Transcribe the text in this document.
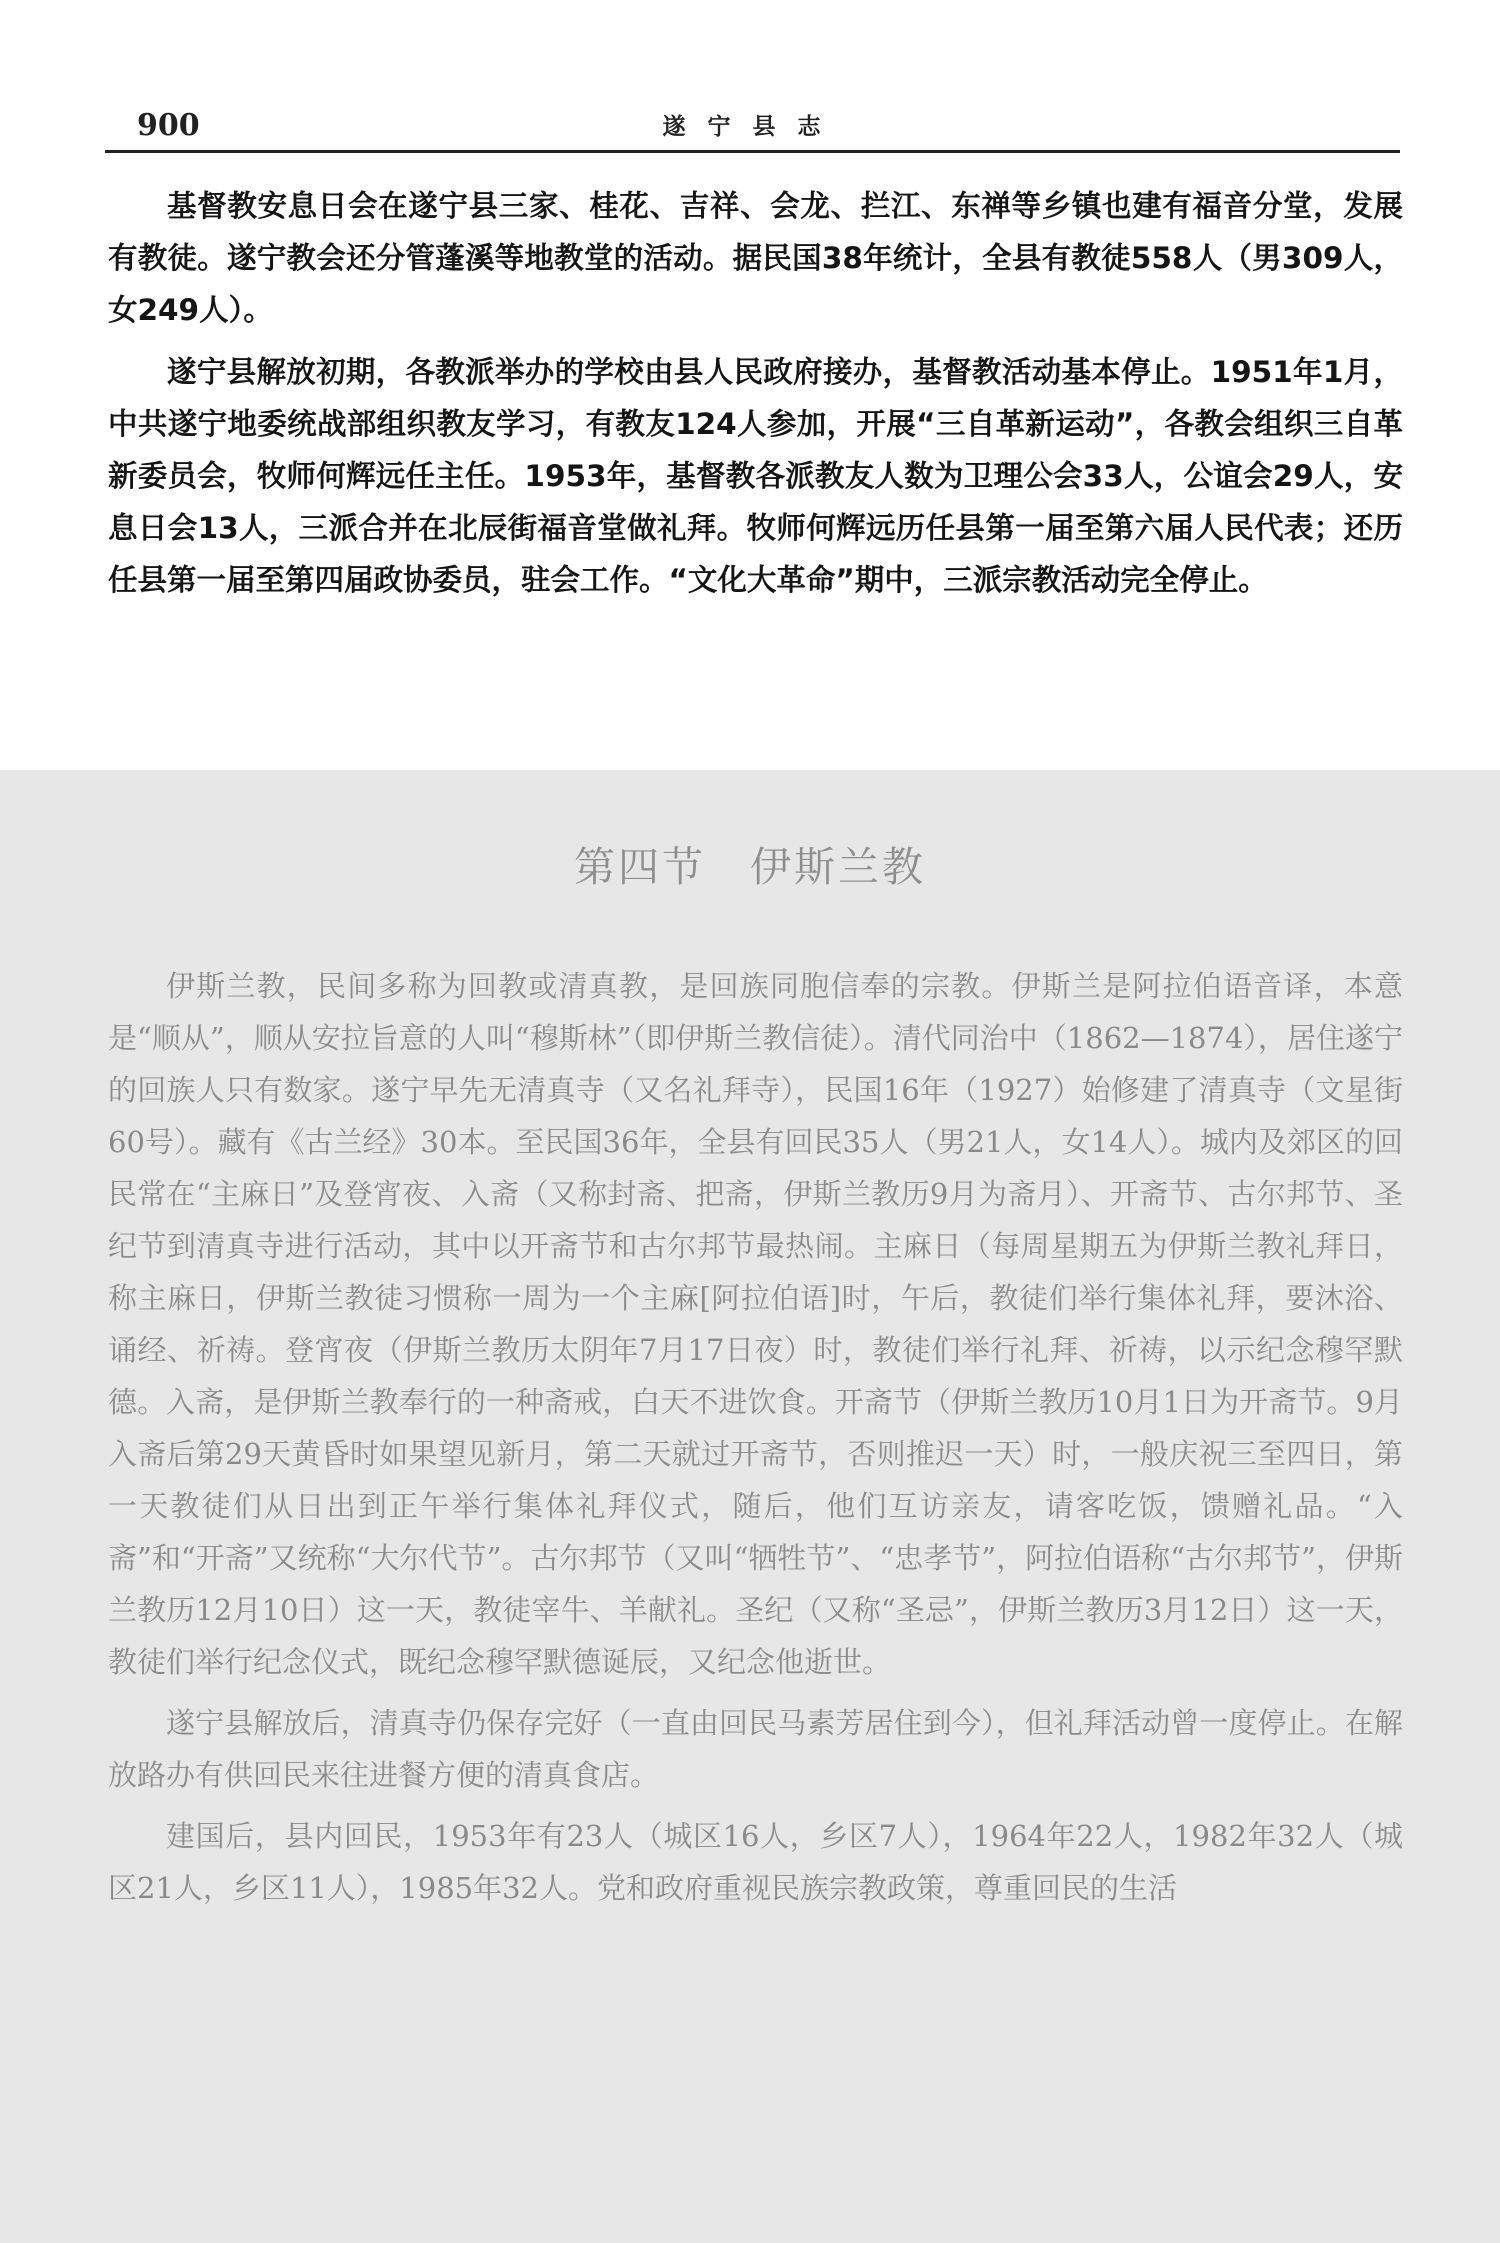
900	遂宁县志

基督教安息日会在遂宁县三家、桂花、吉祥、会龙、拦江、东禅等乡镇也建有福音分堂，发展有教徒。遂宁教会还分管蓬溪等地教堂的活动。据民国38年统计，全县有教徒558人（男309人，女249人）。

遂宁县解放初期，各教派举办的学校由县人民政府接办，基督教活动基本停止。1951年1月，中共遂宁地委统战部组织教友学习，有教友124人参加，开展“三自革新运动”，各教会组织三自革新委员会，牧师何辉远任主任。1953年，基督教各派教友人数为卫理公会33人，公谊会29人，安息日会13人，三派合并在北辰街福音堂做礼拜。牧师何辉远历任县第一届至第六届人民代表；还历任县第一届至第四届政协委员，驻会工作。“文化大革命”期中，三派宗教活动完全停止。

第四节　伊斯兰教

伊斯兰教，民间多称为回教或清真教，是回族同胞信奉的宗教。伊斯兰是阿拉伯语音译，本意是“顺从”，顺从安拉旨意的人叫“穆斯林”（即伊斯兰教信徒）。清代同治中（1862—1874），居住遂宁的回族人只有数家。遂宁早先无清真寺（又名礼拜寺），民国16年（1927）始修建了清真寺（文星街60号）。藏有《古兰经》30本。至民国36年，全县有回民35人（男21人，女14人）。城内及郊区的回民常在“主麻日”及登宵夜、入斋（又称封斋、把斋，伊斯兰教历9月为斋月）、开斋节、古尔邦节、圣纪节到清真寺进行活动，其中以开斋节和古尔邦节最热闹。主麻日（每周星期五为伊斯兰教礼拜日，称主麻日，伊斯兰教徒习惯称一周为一个主麻[阿拉伯语]时，午后，教徒们举行集体礼拜，要沐浴、诵经、祈祷。登宵夜（伊斯兰教历太阴年7月17日夜）时，教徒们举行礼拜、祈祷，以示纪念穆罕默德。入斋，是伊斯兰教奉行的一种斋戒，白天不进饮食。开斋节（伊斯兰教历10月1日为开斋节。9月入斋后第29天黄昏时如果望见新月，第二天就过开斋节，否则推迟一天）时，一般庆祝三至四日，第一天教徒们从日出到正午举行集体礼拜仪式，随后，他们互访亲友，请客吃饭，馈赠礼品。“入斋”和“开斋”又统称“大尔代节”。古尔邦节（又叫“牺牲节”、“忠孝节”，阿拉伯语称“古尔邦节”，伊斯兰教历12月10日）这一天，教徒宰牛、羊献礼。圣纪（又称“圣忌”，伊斯兰教历3月12日）这一天，教徒们举行纪念仪式，既纪念穆罕默德诞辰，又纪念他逝世。

遂宁县解放后，清真寺仍保存完好（一直由回民马素芳居住到今），但礼拜活动曾一度停止。在解放路办有供回民来往进餐方便的清真食店。

建国后，县内回民，1953年有23人（城区16人，乡区7人），1964年22人，1982年32人（城区21人，乡区11人），1985年32人。党和政府重视民族宗教政策，尊重回民的生活
